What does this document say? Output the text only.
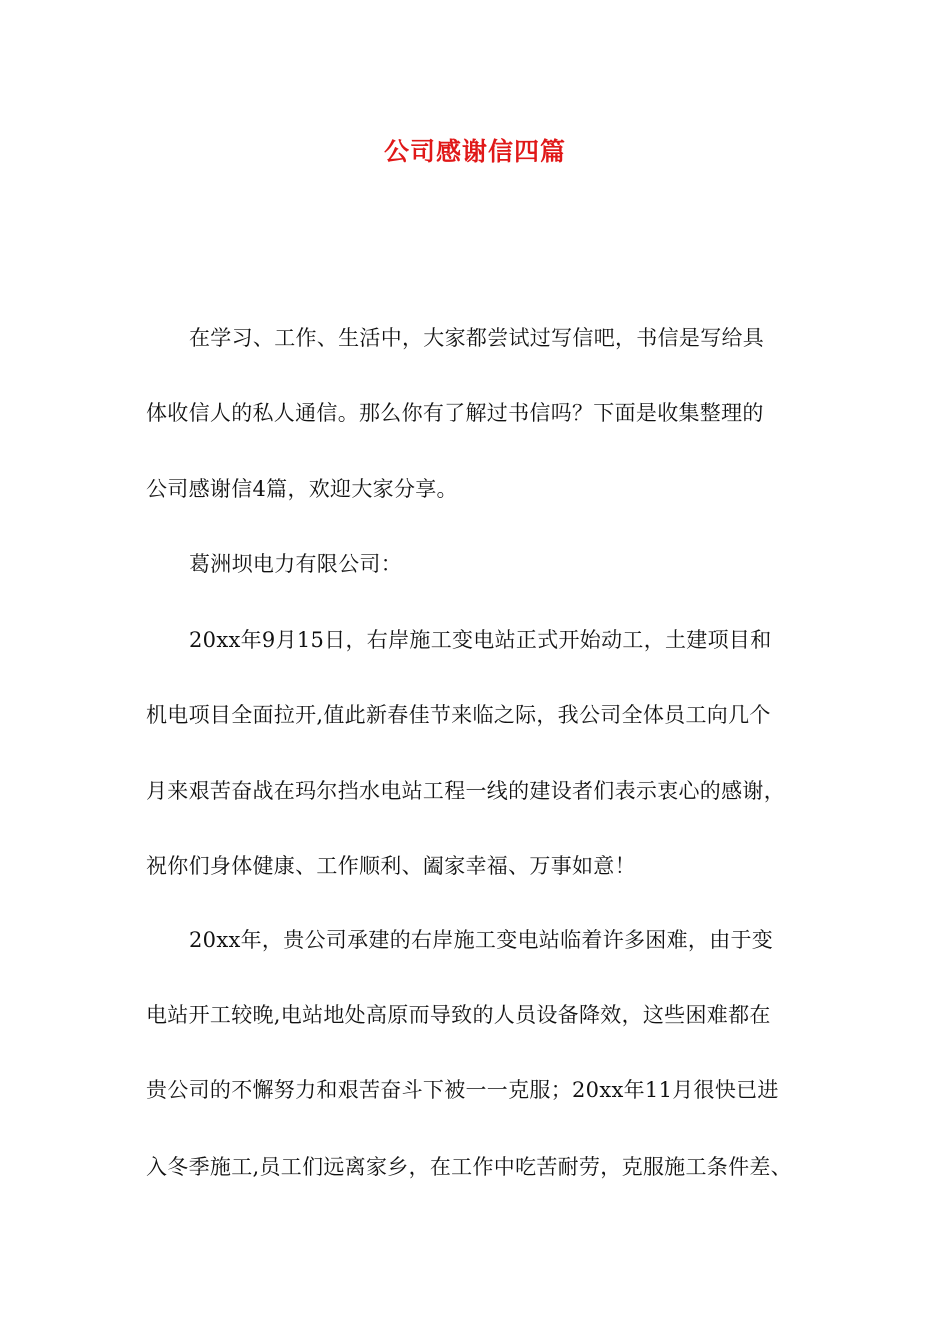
公司感谢信四篇

在学习、工作、生活中，大家都尝试过写信吧，书信是写给具

体收信人的私人通信。那么你有了解过书信吗？下面是收集整理的

公司感谢信4篇，欢迎大家分享。

葛洲坝电力有限公司：

20xx年9月15日，右岸施工变电站正式开始动工，土建项目和

机电项目全面拉开,值此新春佳节来临之际，我公司全体员工向几个

月来艰苦奋战在玛尔挡水电站工程一线的建设者们表示衷心的感谢，

祝你们身体健康、工作顺利、阖家幸福、万事如意！

20xx年，贵公司承建的右岸施工变电站临着许多困难，由于变

电站开工较晚,电站地处高原而导致的人员设备降效，这些困难都在

贵公司的不懈努力和艰苦奋斗下被一一克服；20xx年11月很快已进

入冬季施工,员工们远离家乡，在工作中吃苦耐劳，克服施工条件差、
